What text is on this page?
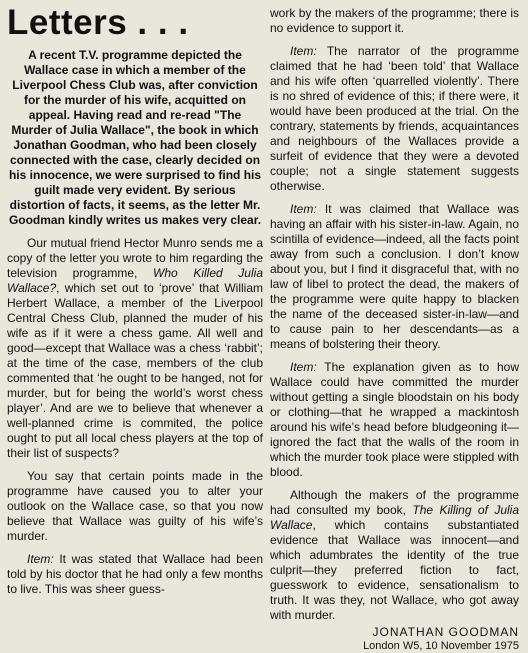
Letters . . .

A recent T.V. programme depicted the Wallace case in which a member of the Liverpool Chess Club was, after conviction for the murder of his wife, acquitted on appeal. Having read and re-read "The Murder of Julia Wallace", the book in which Jonathan Goodman, who had been closely connected with the case, clearly decided on his innocence, we were surprised to find his guilt made very evident. By serious distortion of facts, it seems, as the letter Mr. Goodman kindly writes us makes very clear.

Our mutual friend Hector Munro sends me a copy of the letter you wrote to him regarding the television programme, Who Killed Julia Wallace?, which set out to ‘prove’ that William Herbert Wallace, a member of the Liverpool Central Chess Club, planned the muder of his wife as if it were a chess game. All well and good—except that Wallace was a chess ‘rabbit’; at the time of the case, members of the club commented that ‘he ought to be hanged, not for murder, but for being the world’s worst chess player’. And are we to believe that whenever a well-planned crime is commited, the police ought to put all local chess players at the top of their list of suspects?

You say that certain points made in the programme have caused you to alter your outlook on the Wallace case, so that you now believe that Wallace was guilty of his wife’s murder.

Item: It was stated that Wallace had been told by his doctor that he had only a few months to live. This was sheer guess-

work by the makers of the programme; there is no evidence to support it.

Item: The narrator of the programme claimed that he had ‘been told’ that Wallace and his wife often ‘quarrelled violently’. There is no shred of evidence of this; if there were, it would have been produced at the trial. On the contrary, statements by friends, acquaintances and neighbours of the Wallaces provide a surfeit of evidence that they were a devoted couple; not a single statement suggests otherwise.

Item: It was claimed that Wallace was having an affair with his sister-in-law. Again, no scintilla of evidence—indeed, all the facts point away from such a conclusion. I don’t know about you, but I find it disgraceful that, with no law of libel to protect the dead, the makers of the programme were quite happy to blacken the name of the deceased sister-in-law—and to cause pain to her descendants—as a means of bolstering their theory.

Item: The explanation given as to how Wallace could have committed the murder without getting a single bloodstain on his body or clothing—that he wrapped a mackintosh around his wife’s head before bludgeoning it—ignored the fact that the walls of the room in which the murder took place were stippled with blood.

Although the makers of the programme had consulted my book, The Killing of Julia Wallace, which contains substantiated evidence that Wallace was innocent—and which adumbrates the identity of the true culprit—they preferred fiction to fact, guesswork to evidence, sensationalism to truth. It was they, not Wallace, who got away with murder.

JONATHAN GOODMAN
London W5, 10 November 1975
